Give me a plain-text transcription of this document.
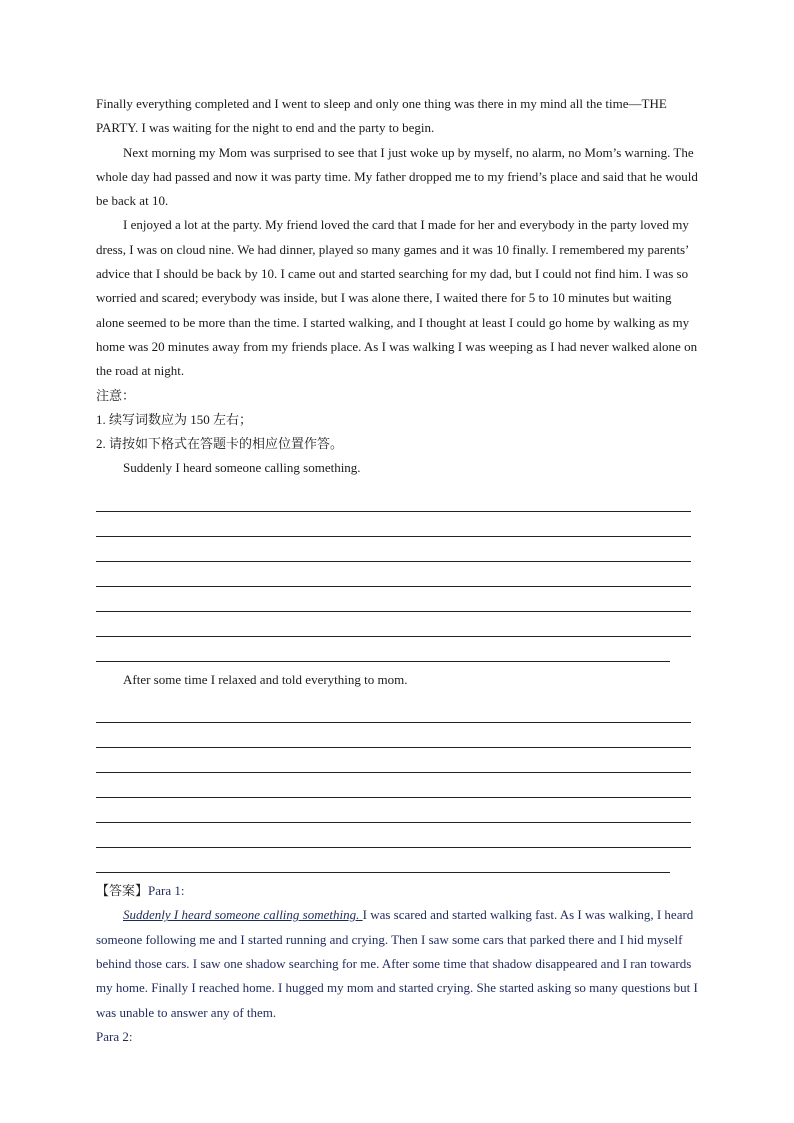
Finally everything completed and I went to sleep and only one thing was there in my mind all the time—THE PARTY. I was waiting for the night to end and the party to begin.

Next morning my Mom was surprised to see that I just woke up by myself, no alarm, no Mom’s warning. The whole day had passed and now it was party time. My father dropped me to my friend’s place and said that he would be back at 10.

I enjoyed a lot at the party. My friend loved the card that I made for her and everybody in the party loved my dress, I was on cloud nine. We had dinner, played so many games and it was 10 finally. I remembered my parents’ advice that I should be back by 10. I came out and started searching for my dad, but I could not find him. I was so worried and scared; everybody was inside, but I was alone there, I waited there for 5 to 10 minutes but waiting alone seemed to be more than the time. I started walking, and I thought at least I could go home by walking as my home was 20 minutes away from my friends place. As I was walking I was weeping as I had never walked alone on the road at night.

注意：

1. 续写词数应为 150 左右；

2. 请按如下格式在答题卡的相应位置作答。

Suddenly I heard someone calling something.

After some time I relaxed and told everything to mom.

【答案】Para 1:

Suddenly I heard someone calling something. I was scared and started walking fast. As I was walking, I heard someone following me and I started running and crying. Then I saw some cars that parked there and I hid myself behind those cars. I saw one shadow searching for me. After some time that shadow disappeared and I ran towards my home. Finally I reached home. I hugged my mom and started crying. She started asking so many questions but I was unable to answer any of them.

Para 2:
